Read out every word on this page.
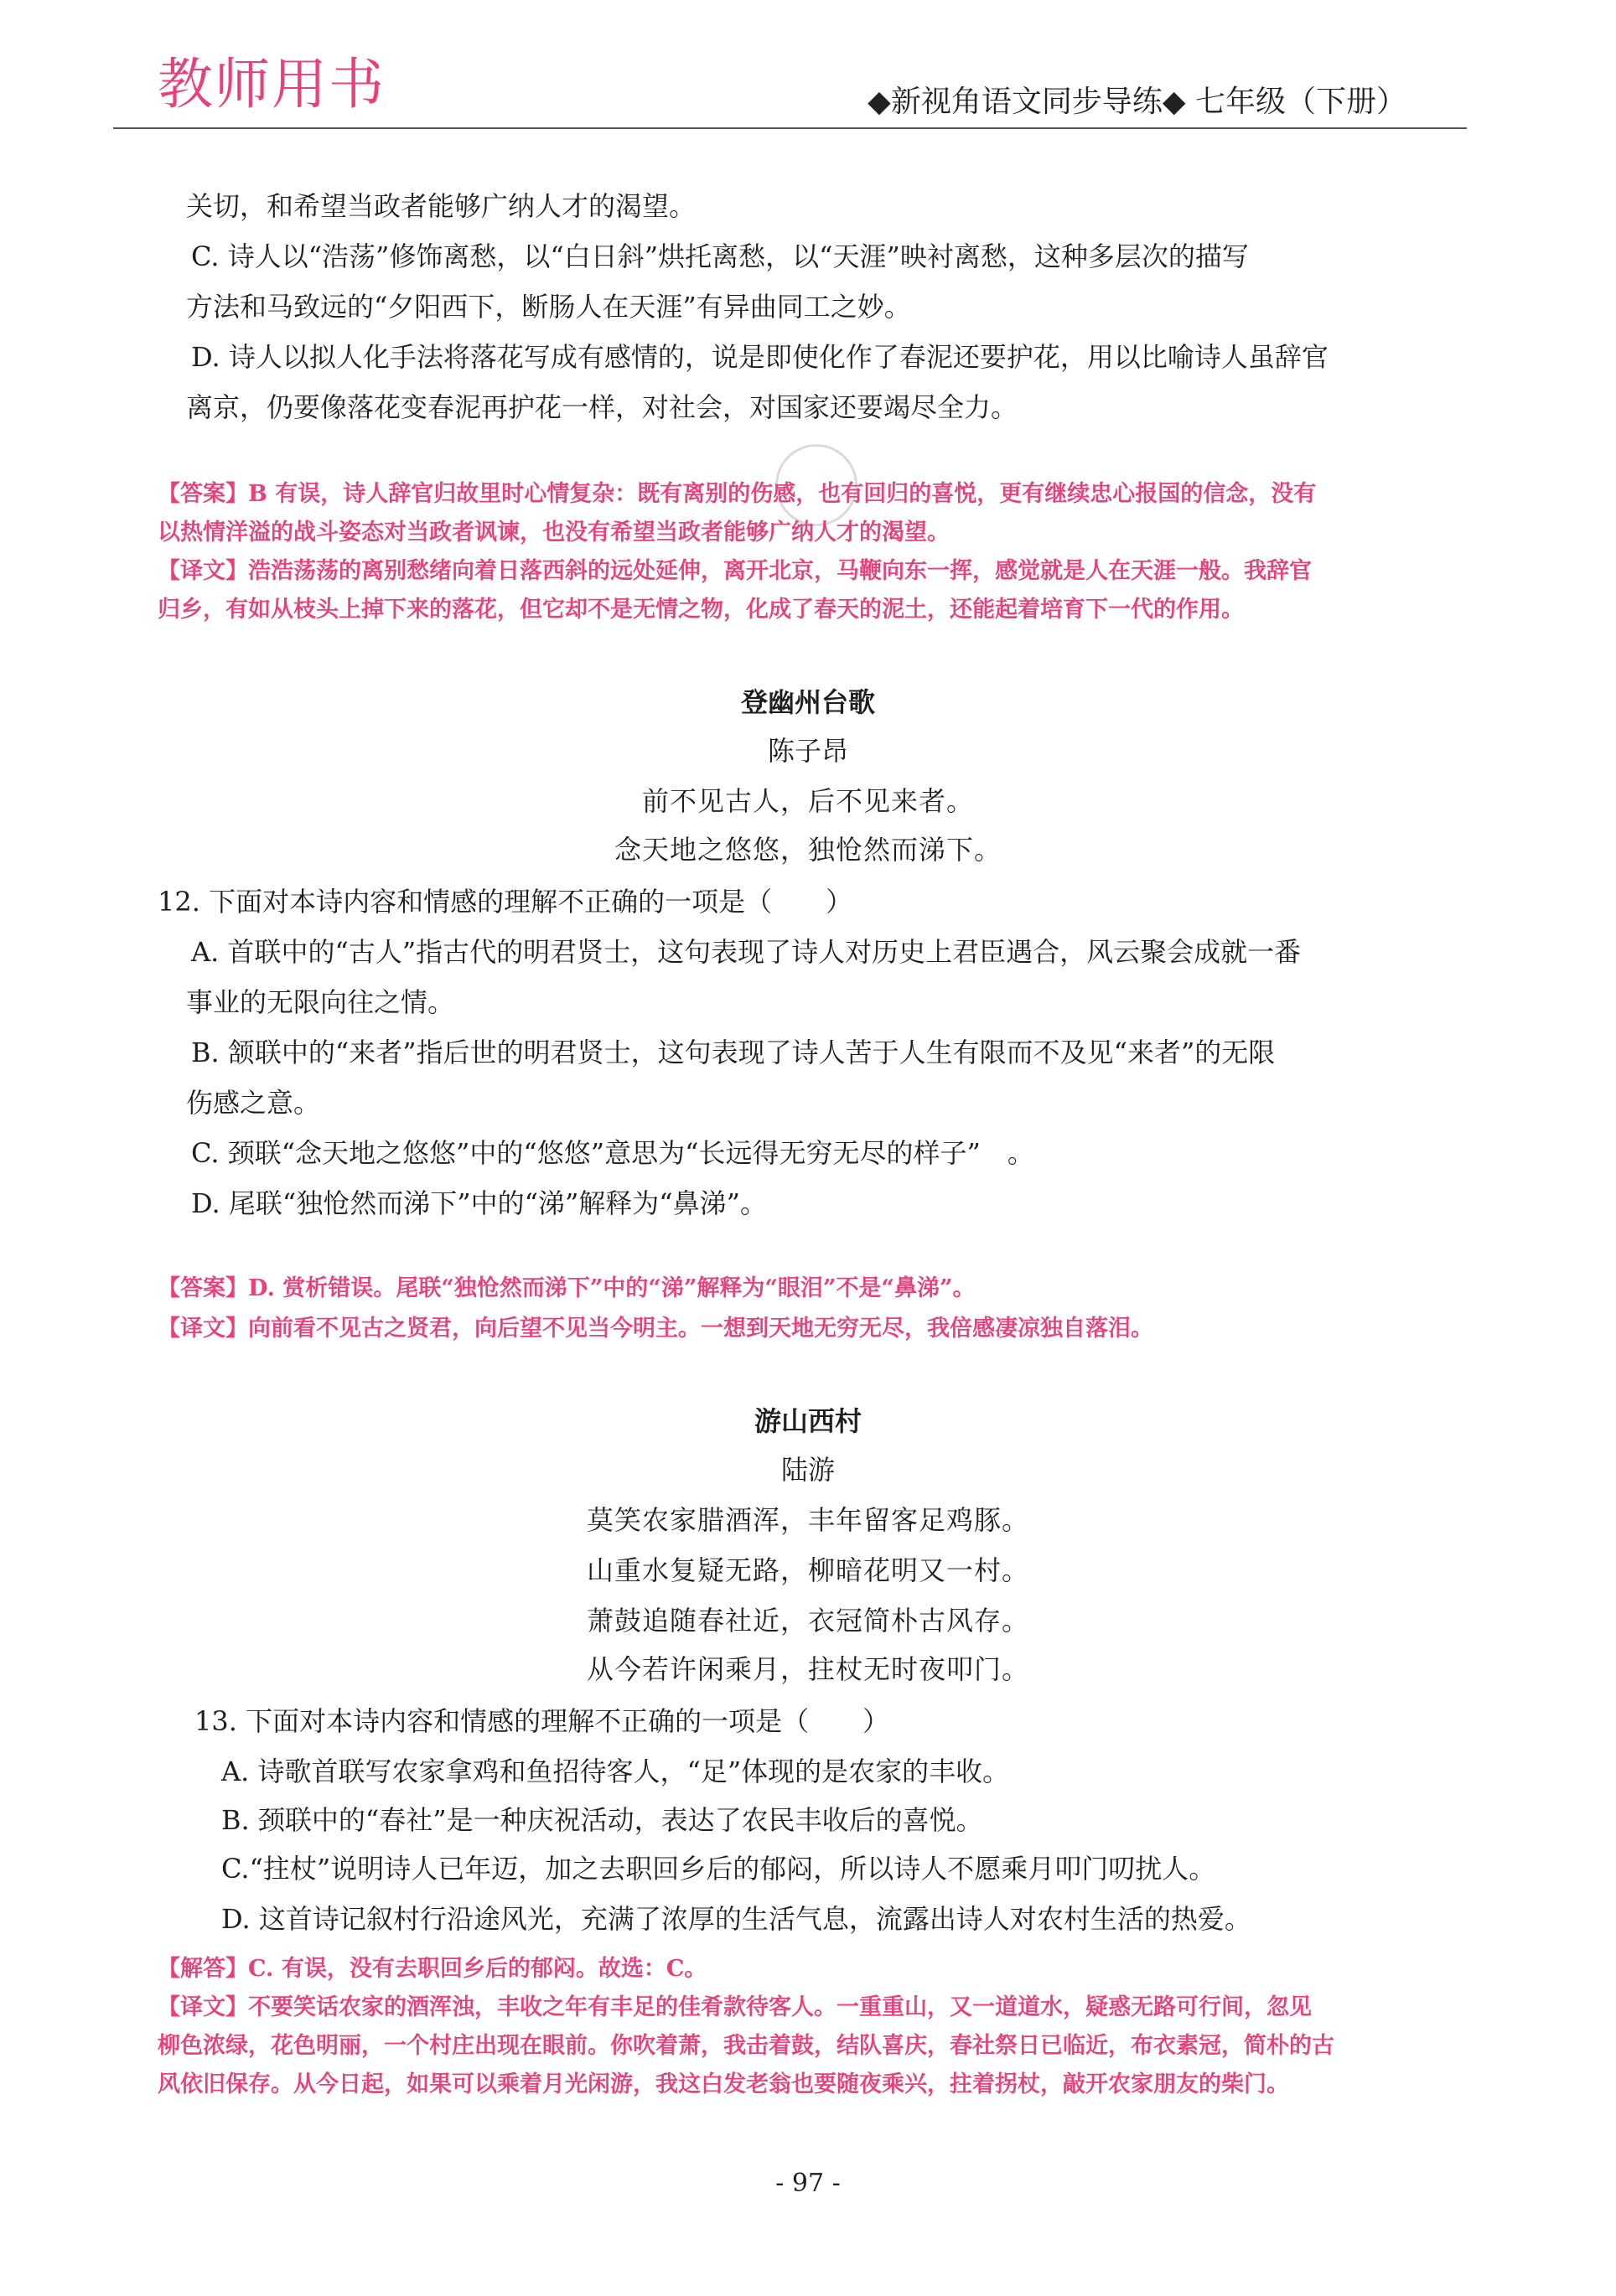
教师用书	◆新视角语文同步导练◆ 七年级（下册）
关切，和希望当政者能够广纳人才的渴望。
C. 诗人以“浩荡”修饰离愁，以“白日斜”烘托离愁，以“天涯”映衬离愁，这种多层次的描写
方法和马致远的“夕阳西下，断肠人在天涯”有异曲同工之妙。
D. 诗人以拟人化手法将落花写成有感情的，说是即使化作了春泥还要护花，用以比喻诗人虽辞官
离京，仍要像落花变春泥再护花一样，对社会，对国家还要竭尽全力。
【答案】B 有误，诗人辞官归故里时心情复杂：既有离别的伤感，也有回归的喜悦，更有继续忠心报国的信念，没有
以热情洋溢的战斗姿态对当政者讽谏，也没有希望当政者能够广纳人才的渴望。
【译文】浩浩荡荡的离别愁绪向着日落西斜的远处延伸，离开北京，马鞭向东一挥，感觉就是人在天涯一般。我辞官
归乡，有如从枝头上掉下来的落花，但它却不是无情之物，化成了春天的泥土，还能起着培育下一代的作用。
登幽州台歌
陈子昂
前不见古人，后不见来者。
念天地之悠悠，独怆然而涕下。
12. 下面对本诗内容和情感的理解不正确的一项是（　　）
A. 首联中的“古人”指古代的明君贤士，这句表现了诗人对历史上君臣遇合，风云聚会成就一番
事业的无限向往之情。
B. 颔联中的“来者”指后世的明君贤士，这句表现了诗人苦于人生有限而不及见“来者”的无限
伤感之意。
C. 颈联“念天地之悠悠”中的“悠悠”意思为“长远得无穷无尽的样子”　。
D. 尾联“独怆然而涕下”中的“涕”解释为“鼻涕”。
【答案】D. 赏析错误。尾联“独怆然而涕下”中的“涕”解释为“眼泪”不是“鼻涕”。
【译文】向前看不见古之贤君，向后望不见当今明主。一想到天地无穷无尽，我倍感凄凉独自落泪。
游山西村
陆游
莫笑农家腊酒浑，丰年留客足鸡豚。
山重水复疑无路，柳暗花明又一村。
萧鼓追随春社近，衣冠简朴古风存。
从今若许闲乘月，拄杖无时夜叩门。
13. 下面对本诗内容和情感的理解不正确的一项是（　　）
A. 诗歌首联写农家拿鸡和鱼招待客人，“足”体现的是农家的丰收。
B. 颈联中的“春社”是一种庆祝活动，表达了农民丰收后的喜悦。
C.“拄杖”说明诗人已年迈，加之去职回乡后的郁闷，所以诗人不愿乘月叩门叨扰人。
D. 这首诗记叙村行沿途风光，充满了浓厚的生活气息，流露出诗人对农村生活的热爱。
【解答】C. 有误，没有去职回乡后的郁闷。故选：C。
【译文】不要笑话农家的酒浑浊，丰收之年有丰足的佳肴款待客人。一重重山，又一道道水，疑惑无路可行间，忽见
柳色浓绿，花色明丽，一个村庄出现在眼前。你吹着萧，我击着鼓，结队喜庆，春社祭日已临近，布衣素冠，简朴的古
风依旧保存。从今日起，如果可以乘着月光闲游，我这白发老翁也要随夜乘兴，拄着拐杖，敲开农家朋友的柴门。
- 97 -
